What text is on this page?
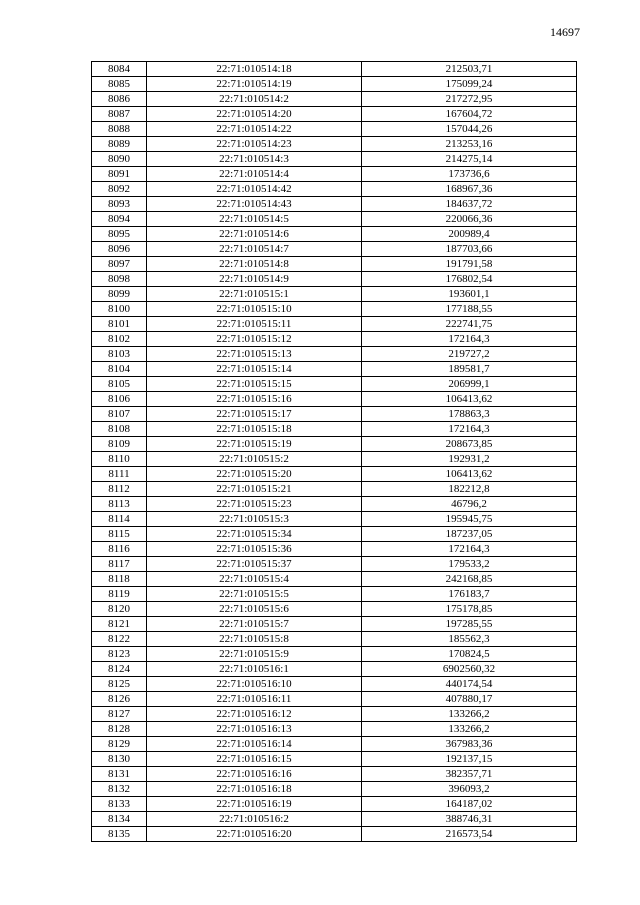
14697
8084	22:71:010514:18	212503,71
8085	22:71:010514:19	175099,24
8086	22:71:010514:2	217272,95
8087	22:71:010514:20	167604,72
8088	22:71:010514:22	157044,26
8089	22:71:010514:23	213253,16
8090	22:71:010514:3	214275,14
8091	22:71:010514:4	173736,6
8092	22:71:010514:42	168967,36
8093	22:71:010514:43	184637,72
8094	22:71:010514:5	220066,36
8095	22:71:010514:6	200989,4
8096	22:71:010514:7	187703,66
8097	22:71:010514:8	191791,58
8098	22:71:010514:9	176802,54
8099	22:71:010515:1	193601,1
8100	22:71:010515:10	177188,55
8101	22:71:010515:11	222741,75
8102	22:71:010515:12	172164,3
8103	22:71:010515:13	219727,2
8104	22:71:010515:14	189581,7
8105	22:71:010515:15	206999,1
8106	22:71:010515:16	106413,62
8107	22:71:010515:17	178863,3
8108	22:71:010515:18	172164,3
8109	22:71:010515:19	208673,85
8110	22:71:010515:2	192931,2
8111	22:71:010515:20	106413,62
8112	22:71:010515:21	182212,8
8113	22:71:010515:23	46796,2
8114	22:71:010515:3	195945,75
8115	22:71:010515:34	187237,05
8116	22:71:010515:36	172164,3
8117	22:71:010515:37	179533,2
8118	22:71:010515:4	242168,85
8119	22:71:010515:5	176183,7
8120	22:71:010515:6	175178,85
8121	22:71:010515:7	197285,55
8122	22:71:010515:8	185562,3
8123	22:71:010515:9	170824,5
8124	22:71:010516:1	6902560,32
8125	22:71:010516:10	440174,54
8126	22:71:010516:11	407880,17
8127	22:71:010516:12	133266,2
8128	22:71:010516:13	133266,2
8129	22:71:010516:14	367983,36
8130	22:71:010516:15	192137,15
8131	22:71:010516:16	382357,71
8132	22:71:010516:18	396093,2
8133	22:71:010516:19	164187,02
8134	22:71:010516:2	388746,31
8135	22:71:010516:20	216573,54
